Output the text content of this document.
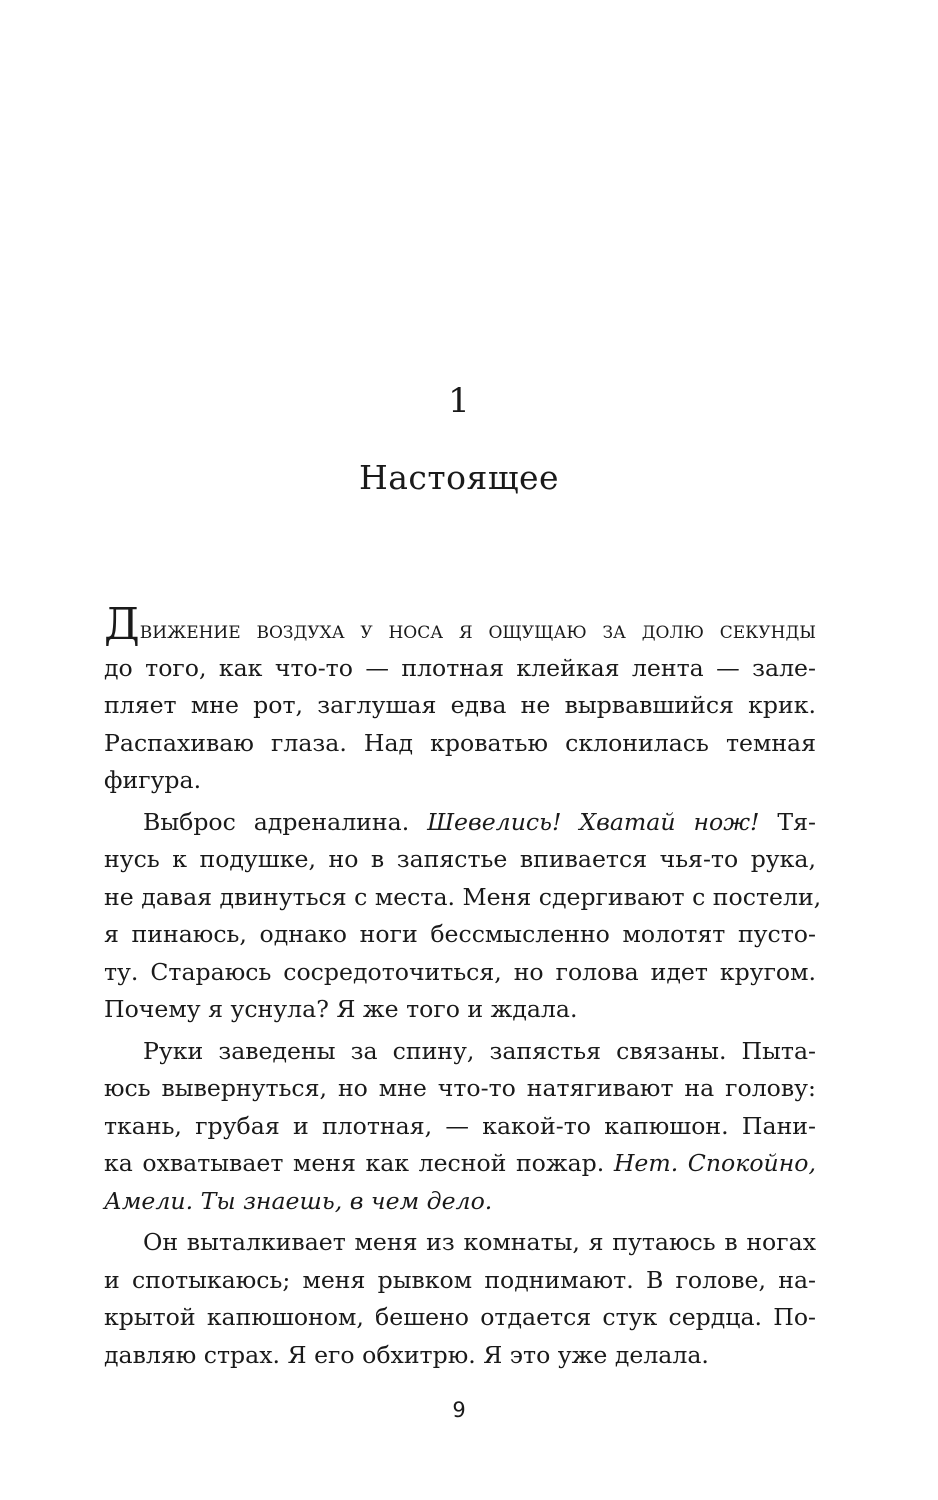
1
Настоящее
Движение воздуха у носа я ощущаю за долю секунды
до того, как что-то — плотная клейкая лента — зале-
пляет мне рот, заглушая едва не вырвавшийся крик.
Распахиваю глаза. Над кроватью склонилась темная
фигура.
Выброс адреналина. Шевелись! Хватай нож! Тя-
нусь к подушке, но в запястье впивается чья-то рука,
не давая двинуться с места. Меня сдергивают с постели,
я пинаюсь, однако ноги бессмысленно молотят пусто-
ту. Стараюсь сосредоточиться, но голова идет кругом.
Почему я уснула? Я же того и ждала.
Руки заведены за спину, запястья связаны. Пыта-
юсь вывернуться, но мне что-то натягивают на голову:
ткань, грубая и плотная, — какой-то капюшон. Пани-
ка охватывает меня как лесной пожар. Нет. Спокойно,
Амели. Ты знаешь, в чем дело.
Он выталкивает меня из комнаты, я путаюсь в ногах
и спотыкаюсь; меня рывком поднимают. В голове, на-
крытой капюшоном, бешено отдается стук сердца. По-
давляю страх. Я его обхитрю. Я это уже делала.
9
